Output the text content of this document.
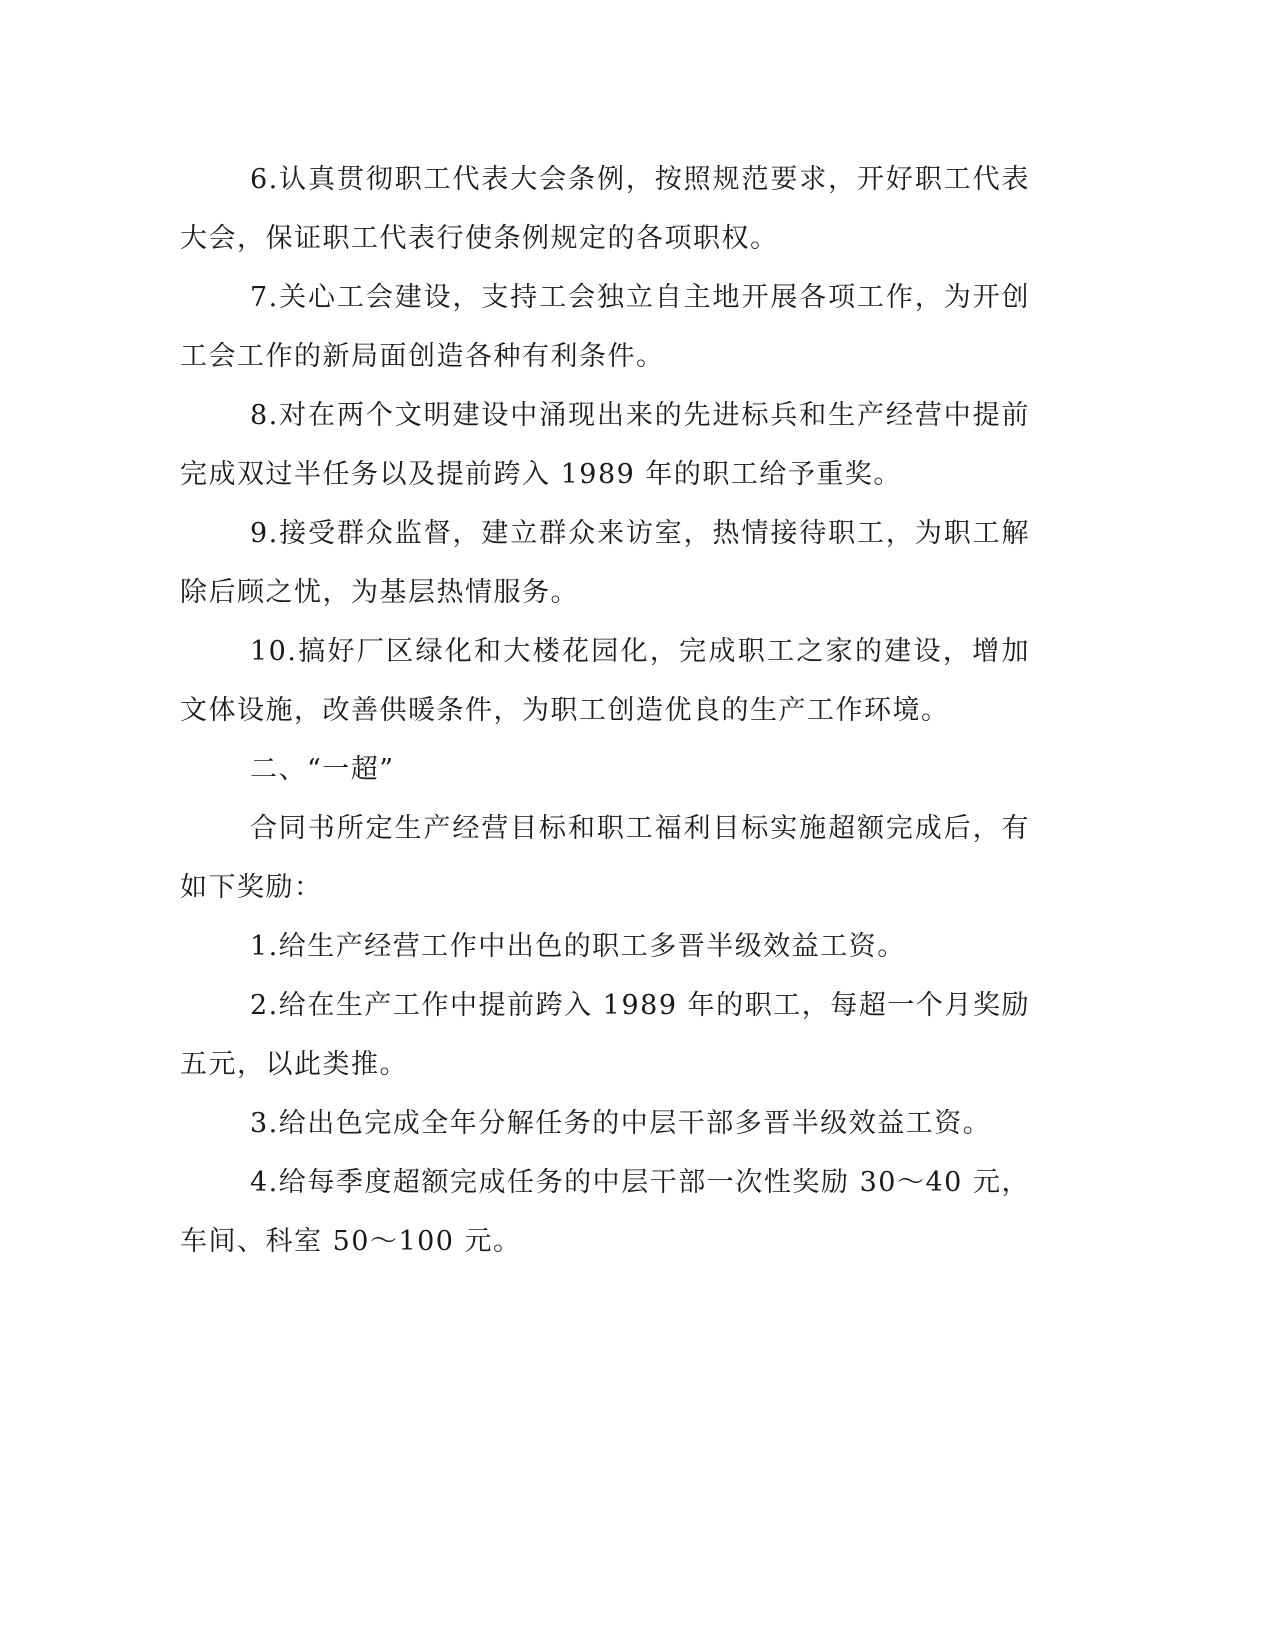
6.认真贯彻职工代表大会条例，按照规范要求，开好职工代表大会，保证职工代表行使条例规定的各项职权。

7.关心工会建设，支持工会独立自主地开展各项工作，为开创工会工作的新局面创造各种有利条件。

8.对在两个文明建设中涌现出来的先进标兵和生产经营中提前完成双过半任务以及提前跨入 1989 年的职工给予重奖。

9.接受群众监督，建立群众来访室，热情接待职工，为职工解除后顾之忧，为基层热情服务。

10.搞好厂区绿化和大楼花园化，完成职工之家的建设，增加文体设施，改善供暖条件，为职工创造优良的生产工作环境。

二、“一超”

合同书所定生产经营目标和职工福利目标实施超额完成后，有如下奖励：

1.给生产经营工作中出色的职工多晋半级效益工资。

2.给在生产工作中提前跨入 1989 年的职工，每超一个月奖励五元，以此类推。

3.给出色完成全年分解任务的中层干部多晋半级效益工资。

4.给每季度超额完成任务的中层干部一次性奖励 30～40 元，车间、科室 50～100 元。
